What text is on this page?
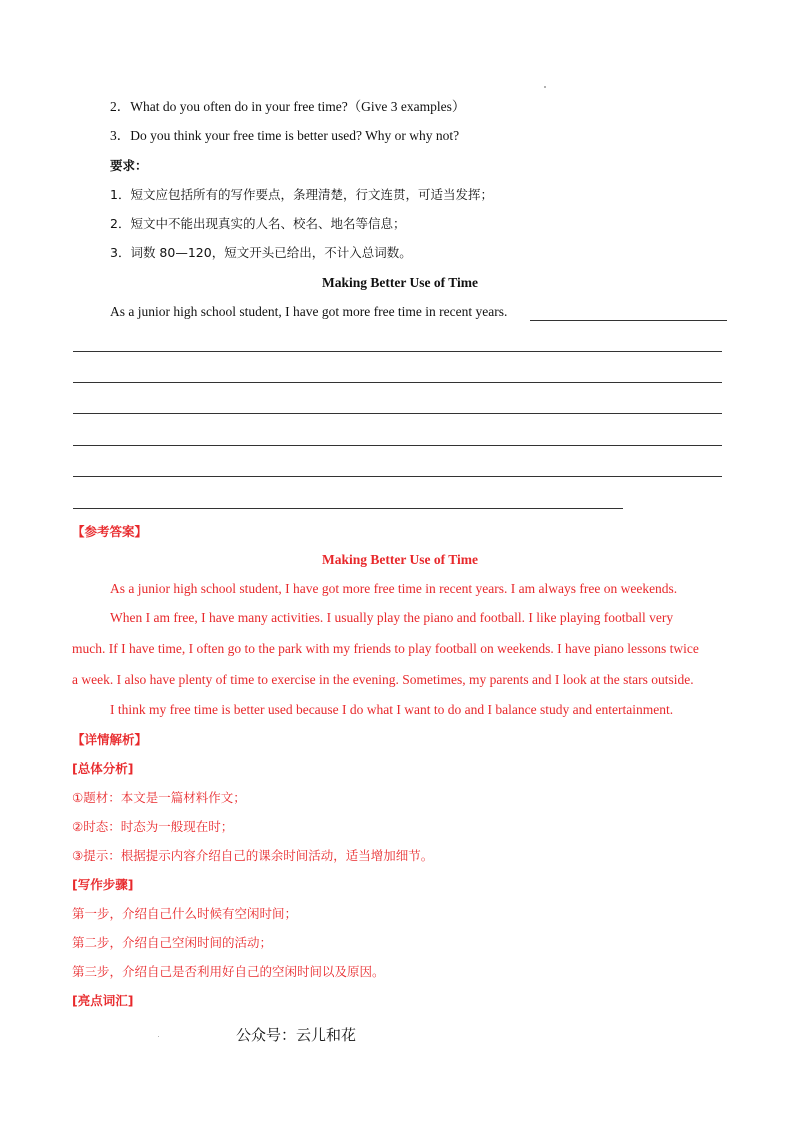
2．What do you often do in your free time?（Give 3 examples）
3．Do you think your free time is better used? Why or why not?
要求：
1．短文应包括所有的写作要点，条理清楚，行文连贯，可适当发挥；
2．短文中不能出现真实的人名、校名、地名等信息；
3．词数 80—120，短文开头已给出，不计入总词数。
Making Better Use of Time
As a junior high school student, I have got more free time in recent years.
【参考答案】
Making Better Use of Time
As a junior high school student, I have got more free time in recent years. I am always free on weekends.
When I am free, I have many activities. I usually play the piano and football. I like playing football very
much. If I have time, I often go to the park with my friends to play football on weekends. I have piano lessons twice
a week. I also have plenty of time to exercise in the evening. Sometimes, my parents and I look at the stars outside.
I think my free time is better used because I do what I want to do and I balance study and entertainment.
【详情解析】
[总体分析]
①题材：本文是一篇材料作文；
②时态：时态为一般现在时；
③提示：根据提示内容介绍自己的课余时间活动，适当增加细节。
[写作步骤]
第一步，介绍自己什么时候有空闲时间；
第二步，介绍自己空闲时间的活动；
第三步，介绍自己是否利用好自己的空闲时间以及原因。
[亮点词汇]
公众号：云儿和花
